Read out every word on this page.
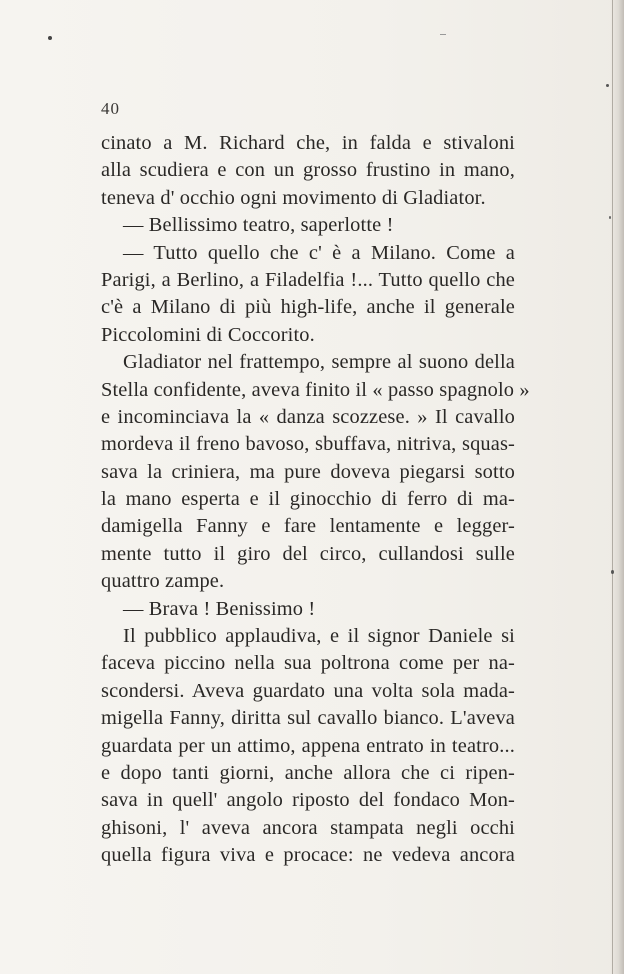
40
cinato a M. Richard che, in falda e stivaloni
alla scudiera e con un grosso frustino in mano,
teneva d' occhio ogni movimento di Gladiator.
— Bellissimo teatro, saperlotte !
— Tutto quello che c' è a Milano. Come a
Parigi, a Berlino, a Filadelfia !... Tutto quello che
c'è a Milano di più high-life, anche il generale
Piccolomini di Coccorito.
Gladiator nel frattempo, sempre al suono della
Stella confidente, aveva finito il « passo spagnolo »
e incominciava la « danza scozzese. » Il cavallo
mordeva il freno bavoso, sbuffava, nitriva, squas-
sava la criniera, ma pure doveva piegarsi sotto
la mano esperta e il ginocchio di ferro di ma-
damigella Fanny e fare lentamente e legger-
mente tutto il giro del circo, cullandosi sulle
quattro zampe.
— Brava ! Benissimo !
Il pubblico applaudiva, e il signor Daniele si
faceva piccino nella sua poltrona come per na-
scondersi. Aveva guardato una volta sola mada-
migella Fanny, diritta sul cavallo bianco. L'aveva
guardata per un attimo, appena entrato in teatro...
e dopo tanti giorni, anche allora che ci ripen-
sava in quell' angolo riposto del fondaco Mon-
ghisoni, l' aveva ancora stampata negli occhi
quella figura viva e procace: ne vedeva ancora
